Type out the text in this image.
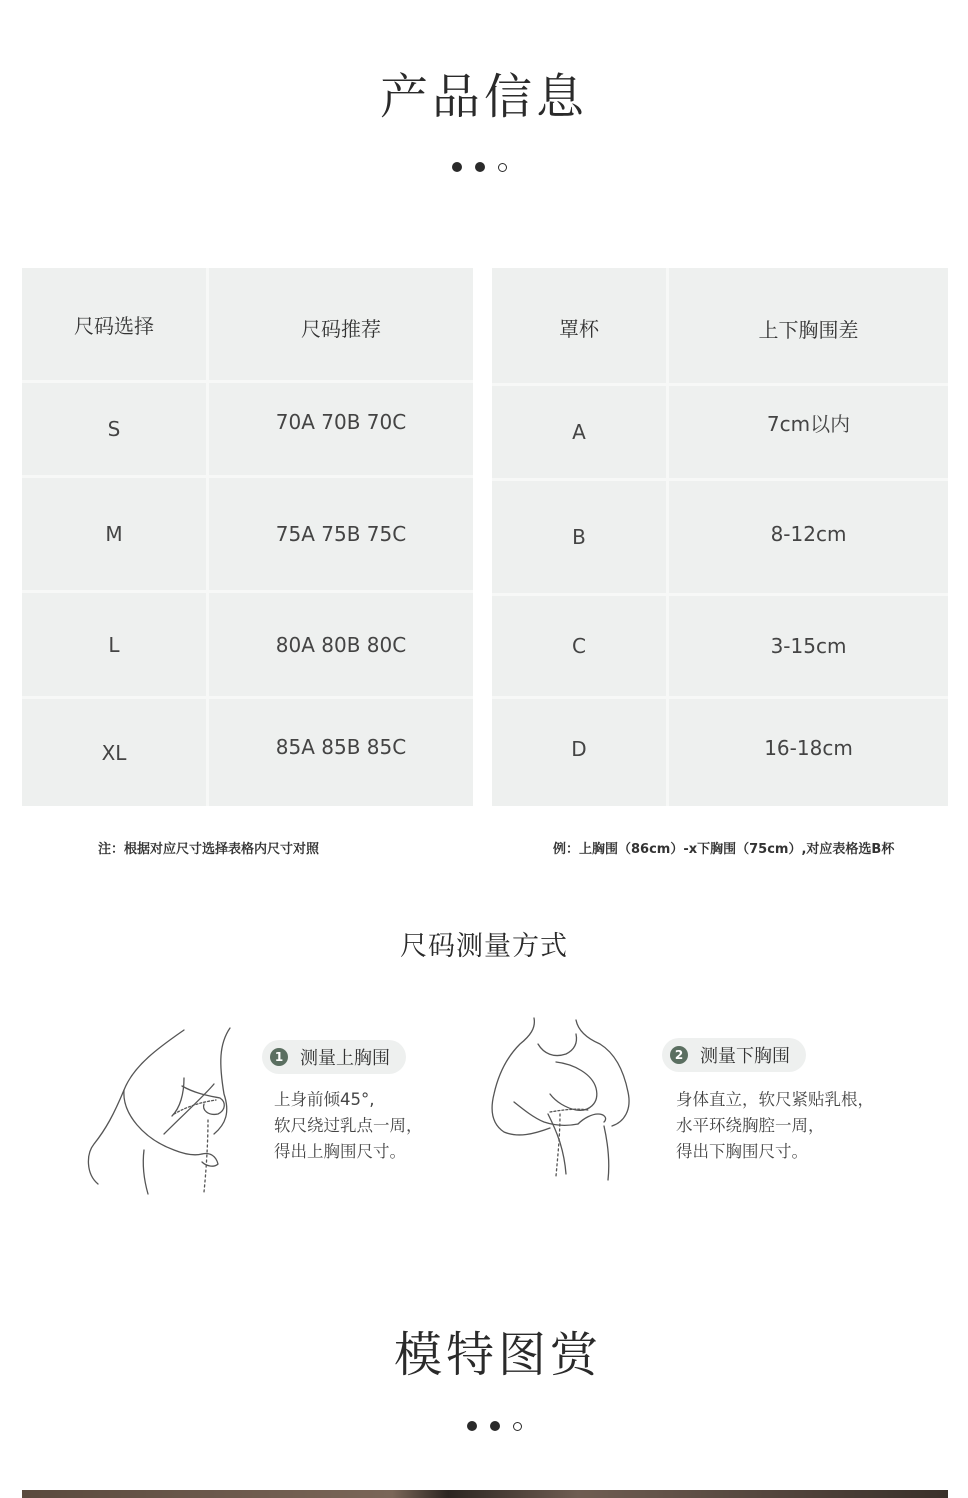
产品信息
尺码选择	尺码推荐
S	70A 70B 70C
M	75A 75B 75C
L	80A 80B 80C
XL	85A 85B 85C
罩杯	上下胸围差
A	7cm以内
B	8-12cm
C	3-15cm
D	16-18cm
注：根据对应尺寸选择表格内尺寸对照	例：上胸围（86cm）-x下胸围（75cm）,对应表格选B杯
尺码测量方式
1 测量上胸围
上身前倾45°,
软尺绕过乳点一周，
得出上胸围尺寸。
2 测量下胸围
身体直立，软尺紧贴乳根，
水平环绕胸腔一周，
得出下胸围尺寸。
模特图赏
